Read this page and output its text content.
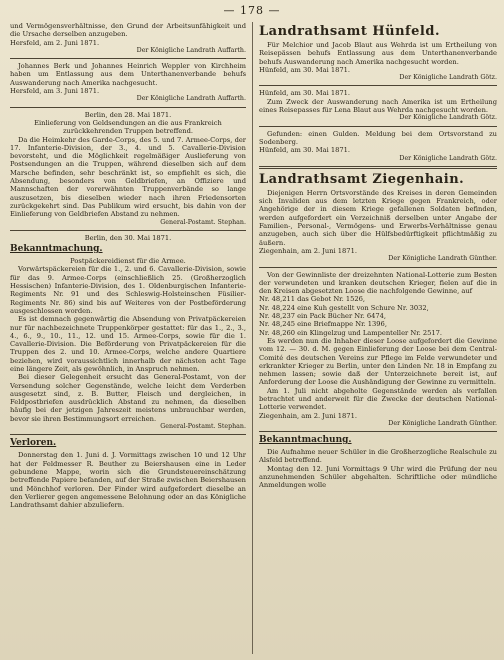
— 178 —

und Vermögensverhältnisse, den Grund der Arbeitsunfähigkeit und die Ursache derselben anzugeben.

Hersfeld, am 2. Juni 1871.

Der Königliche Landrath Auffarth.

Johannes Berk und Johannes Heinrich Weppler von Kirchheim haben um Entlassung aus dem Unterthanenverbande behufs Auswanderung nach Amerika nachgesucht.

Hersfeld, am 3. Juni 1871.

Der Königliche Landrath Auffarth.

Berlin, den 28. Mai 1871.

Einlieferung von Geldsendungen an die aus Frankreich zurückkehrenden Truppen betreffend.

Da die Heimkehr des Garde-Corps, des 5. und 7. Armee-Corps, der 17. Infanterie-Division, der 3., 4. und 5. Cavallerie-Division bevorsteht, und die Möglichkeit regelmäßiger Auslieferung von Postsendungen an die Truppen, während dieselben sich auf dem Marsche befinden, sehr beschränkt ist, so empfiehlt es sich, die Absendung, besonders von Geldbriefen, an Offiziere und Mannschaften der vorerwähnten Truppenverbände so lange auszusetzen, bis dieselben wieder nach ihren Friedensorten zurückgekehrt sind. Das Publikum wird ersucht, bis dahin von der Einlieferung von Geldbriefen Abstand zu nehmen.

General-Postamt. Stephan.

Berlin, den 30. Mai 1871.

Bekanntmachung.

Postpäckereidienst für die Armee.

Vorwärtspäckereien für die 1., 2. und 6. Cavallerie-Division, sowie für das 9. Armee-Corps (einschließlich 25. (Großherzoglich Hessischen) Infanterie-Division, des 1. Oldenburgischen Infanterie-Regiments Nr. 91 und des Schleswig-Holsteinschen Füsilier-Regiments Nr. 86) sind bis auf Weiteres von der Postbeförderung ausgeschlossen worden.

Es ist demnach gegenwärtig die Absendung von Privatpäckereien nur für nachbezeichnete Truppenkörper gestattet: für das 1., 2., 3., 4., 6., 9., 10., 11., 12. und 15. Armee-Corps, sowie für die 1. Cavallerie-Division. Die Beförderung von Privatpäckereien für die Truppen des 2. und 10. Armee-Corps, welche andere Quartiere beziehen, wird voraussichtlich innerhalb der nächsten acht Tage eine längere Zeit, als gewöhnlich, in Anspruch nehmen.

Bei dieser Gelegenheit ersucht das General-Postamt, von der Versendung solcher Gegenstände, welche leicht dem Verderben ausgesetzt sind, z. B. Butter, Fleisch und dergleichen, in Feldpostbriefen ausdrücklich Abstand zu nehmen, da dieselben häufig bei der jetzigen Jahreszeit meistens unbrauchbar werden, bevor sie ihren Bestimmungsort erreichen.

General-Postamt. Stephan.

Verloren.

Donnerstag den 1. Juni d. J. Vormittags zwischen 10 und 12 Uhr hat der Feldmesser R. Beuther zu Beiershausen eine in Leder gebundene Mappe, worin sich die Grundsteuereinschätzung betreffende Papiere befanden, auf der Straße zwischen Beiershausen und Mönchhof verloren. Der Finder wird aufgefordert dieselbe an den Verlierer gegen angemessene Belohnung oder an das Königliche Landrathsamt dahier abzuliefern.

Landrathsamt Hünfeld.

Für Melchior und Jacob Blaut aus Wehrda ist um Ertheilung von Reisepässen behufs Entlassung aus dem Unterthanenverbande behufs Auswanderung nach Amerika nachgesucht worden.

Hünfeld, am 30. Mai 1871.

Der Königliche Landrath Götz.

Hünfeld, am 30. Mai 1871.

Zum Zweck der Auswanderung nach Amerika ist um Ertheilung eines Reisepasses für Lena Blaut aus Wehrda nachgesucht worden.

Der Königliche Landrath Götz.

Gefunden: einen Gulden. Meldung bei dem Ortsvorstand zu Sodenberg.

Hünfeld, am 30. Mai 1871.

Der Königliche Landrath Götz.

Landrathsamt Ziegenhain.

Diejenigen Herrn Ortsvorstände des Kreises in deren Gemeinden sich Invaliden aus dem letzten Kriege gegen Frankreich, oder Angehörige der in diesem Kriege gefallenen Soldaten befinden, werden aufgefordert ein Verzeichniß derselben unter Angabe der Familien-, Personal-, Vermögens- und Erwerbs-Verhältnisse genau anzugeben, auch sich über die Hülfsbedürftigkeit pflichtmäßig zu äußern.

Ziegenhain, am 2. Juni 1871.

Der Königliche Landrath Günther.

Von der Gewinnliste der dreizehnten National-Lotterie zum Besten der verwundeten und kranken deutschen Krieger, fielen auf die in den Kreisen abgesetzten Loose die nachfolgende Gewinne, auf

Nr. 48,211 das Gebot Nr. 1526,

Nr. 48,224 eine Kuh gestellt von Schure Nr. 3032,

Nr. 48,237 ein Pack Bücher Nr. 6474,

Nr. 48,245 eine Briefmappe Nr. 1396,

Nr. 48,260 ein Klingelzug und Lampenteller Nr. 2517.

Es werden nun die Inhaber dieser Loose aufgefordert die Gewinne vom 12. — 30. d. M. gegen Einlieferung der Loose bei dem Central-Comité des deutschen Vereins zur Pflege im Felde verwundeter und erkrankter Krieger zu Berlin, unter den Linden Nr. 18 in Empfang zu nehmen lassen; sowie daß der Unterzeichnete bereit ist, auf Anforderung der Loose die Aushändigung der Gewinne zu vermitteln.

Am 1. Juli nicht abgeholte Gegenstände werden als verfallen betrachtet und anderweit für die Zwecke der deutschen National-Lotterie verwendet.

Ziegenhain, am 2. Juni 1871.

Der Königliche Landrath Günther.

Bekanntmachung.

Die Aufnahme neuer Schüler in die Großherzogliche Realschule zu Alsfeld betreffend.

Montag den 12. Juni Vormittags 9 Uhr wird die Prüfung der neu anzunehmenden Schüler abgehalten. Schriftliche oder mündliche Anmeldungen wolle
